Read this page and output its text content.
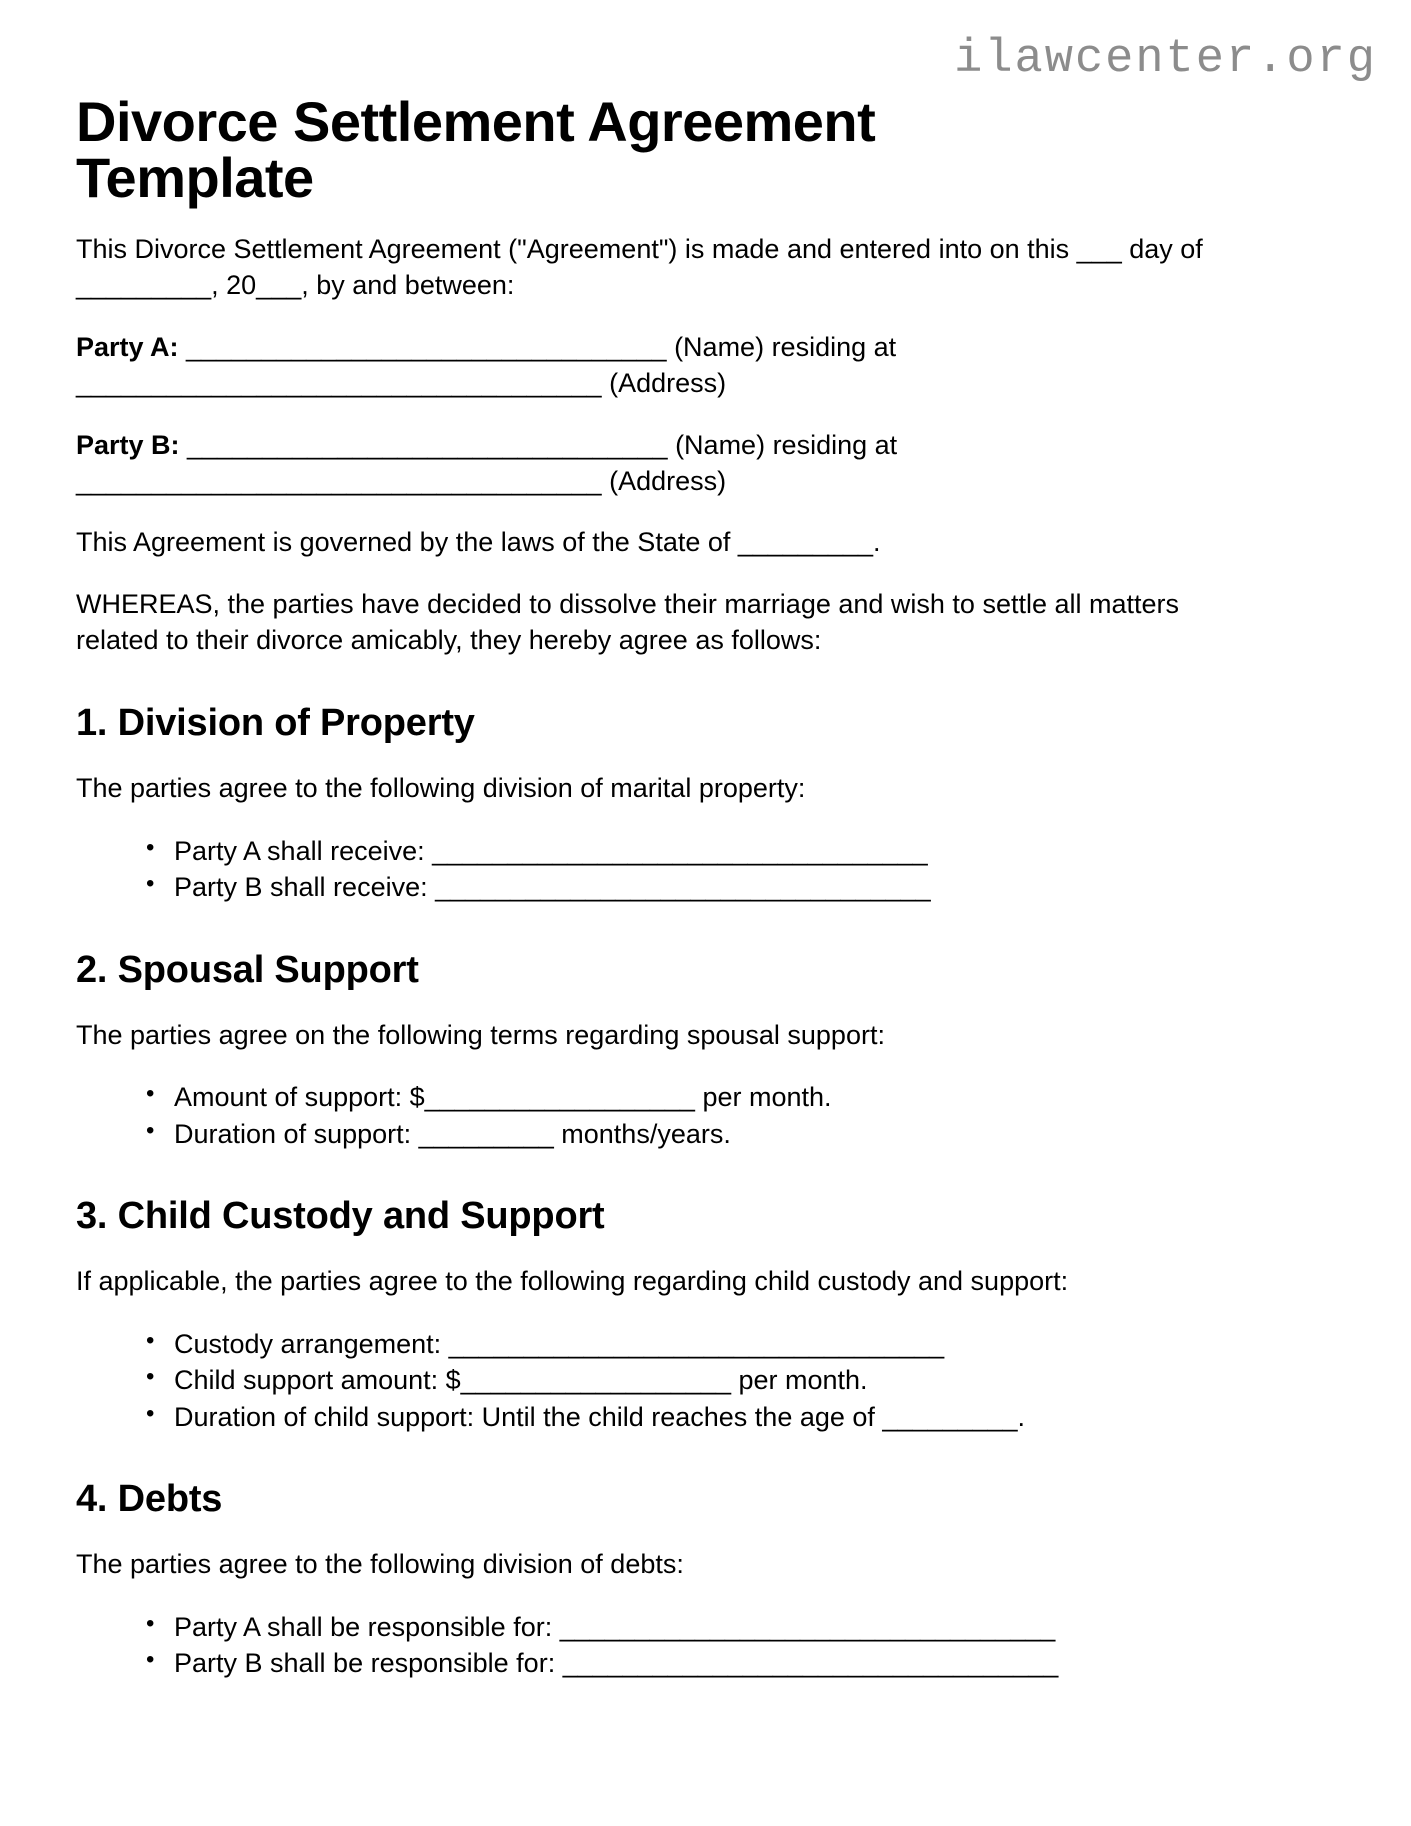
ilawcenter.org
Divorce Settlement Agreement Template

This Divorce Settlement Agreement ("Agreement") is made and entered into on this ___ day of _________, 20___, by and between:

Party A: ________________________________ (Name) residing at
___________________________________ (Address)
Party B: ________________________________ (Name) residing at
___________________________________ (Address)

This Agreement is governed by the laws of the State of _________.

WHEREAS, the parties have decided to dissolve their marriage and wish to settle all matters related to their divorce amicably, they hereby agree as follows:

1. Division of Property

The parties agree to the following division of marital property:

• Party A shall receive: _________________________________
• Party B shall receive: _________________________________
2. Spousal Support

The parties agree on the following terms regarding spousal support:

• Amount of support: $__________________ per month.
• Duration of support: _________ months/years.
3. Child Custody and Support

If applicable, the parties agree to the following regarding child custody and support:

• Custody arrangement: _________________________________
• Child support amount: $__________________ per month.
• Duration of child support: Until the child reaches the age of _________.
4. Debts

The parties agree to the following division of debts:

• Party A shall be responsible for: _________________________________
• Party B shall be responsible for: _________________________________
